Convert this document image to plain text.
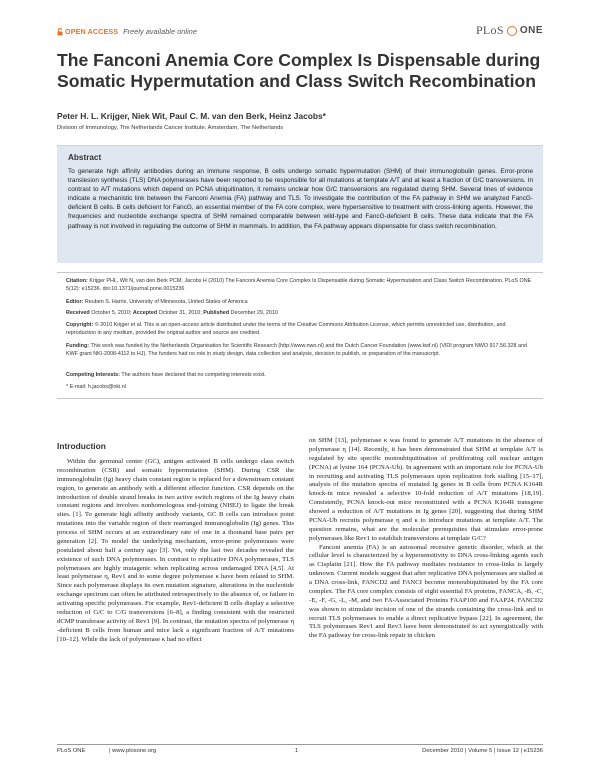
OPEN ACCESS Freely available online	PLoS ONE
The Fanconi Anemia Core Complex Is Dispensable during Somatic Hypermutation and Class Switch Recombination
Peter H. L. Krijger, Niek Wit, Paul C. M. van den Berk, Heinz Jacobs*
Division of Immunology, The Netherlands Cancer Institute, Amsterdam, The Netherlands
Abstract
To generate high affinity antibodies during an immune response, B cells undergo somatic hypermutation (SHM) of their immunoglobulin genes. Error-prone translesion synthesis (TLS) DNA polymerases have been reported to be responsible for all mutations at template A/T and at least a fraction of G/C transversions. In contrast to A/T mutations which depend on PCNA ubiquitination, it remains unclear how G/C transversions are regulated during SHM. Several lines of evidence indicate a mechanistic link between the Fanconi Anemia (FA) pathway and TLS. To investigate the contribution of the FA pathway in SHM we analyzed FancG-deficient B cells. B cells deficient for FancG, an essential member of the FA core complex, were hypersensitive to treatment with cross-linking agents. However, the frequencies and nucleotide exchange spectra of SHM remained comparable between wild-type and FancG-deficient B cells. These data indicate that the FA pathway is not involved in regulating the outcome of SHM in mammals. In addition, the FA pathway appears dispensable for class switch recombination.
Citation: Krijger PHL, Wit N, van den Berk PCM, Jacobs H (2010) The Fanconi Anemia Core Complex Is Dispensable during Somatic Hypermutation and Class Switch Recombination. PLoS ONE 5(12): e15236. doi:10.1371/journal.pone.0015236
Editor: Reuben S. Harris, University of Minnesota, United States of America
Received October 5, 2010; Accepted October 31, 2010; Published December 29, 2010
Copyright: © 2010 Krijger et al. This is an open-access article distributed under the terms of the Creative Commons Attribution License, which permits unrestricted use, distribution, and reproduction in any medium, provided the original author and source are credited.
Funding: This work was funded by the Netherlands Organisation for Scientific Research (http://www.nwo.nl) and the Dutch Cancer Foundation (www.kwf.nl) (VIDI program NWO 917.56.328 and KWF grant NKI-2008-4112 to HJ). The funders had no role in study design, data collection and analysis, decision to publish, or preparation of the manuscript.
Competing Interests: The authors have declared that no competing interests exist.
* E-mail: h.jacobs@nki.nl
Introduction

Within the germinal center (GC), antigen activated B cells undergo class switch recombination (CSR) and somatic hypermutation (SHM). During CSR the immunoglobulin (Ig) heavy chain constant region is replaced for a downstream constant region, to generate an antibody with a different effector function. CSR depends on the introduction of double strand breaks in two active switch regions of the Ig heavy chain constant regions and involves nonhomologous end-joining (NHEJ) to ligate the break sites. [1]. To generate high affinity antibody variants, GC B cells can introduce point mutations into the variable region of their rearranged immunoglobulin (Ig) genes. This process of SHM occurs at an extraordinary rate of one in a thousand base pairs per generation [2]. To model the underlying mechanism, error-prone polymerases were postulated about half a century ago [3]. Yet, only the last two decades revealed the existence of such DNA polymerases. In contrast to replicative DNA polymerases, TLS polymerases are highly mutagenic when replicating across undamaged DNA [4,5]. At least polymerase η, Rev1 and to some degree polymerase κ have been related to SHM. Since each polymerase displays its own mutation signature, alterations in the nucleotide exchange spectrum can often be attributed retrospectively to the absence of, or failure in activating specific polymerases. For example, Rev1-deficient B cells display a selective reduction of G/C to C/G transversions [6–8], a finding consistent with the restricted dCMP transferase activity of Rev1 [9]. In contrast, the mutation spectra of polymerase η -deficient B cells from human and mice lack a significant fraction of A/T mutations [10–12]. While the lack of polymerase κ had no effect

on SHM [13], polymerase κ was found to generate A/T mutations in the absence of polymerase η [14]. Recently, it has been demonstrated that SHM at template A/T is regulated by site specific monoubiquitination of proliferating cell nuclear antigen (PCNA) at lysine 164 (PCNA-Ub). In agreement with an important role for PCNA-Ub in recruiting and activating TLS polymerases upon replication fork stalling [15–17], analysis of the mutation spectra of mutated Ig genes in B cells from PCNA K164R knock-in mice revealed a selective 10-fold reduction of A/T mutations [18,19]. Consistently, PCNA knock-out mice reconstituted with a PCNA K164R transgene showed a reduction of A/T mutations in Ig genes [20], suggesting that during SHM PCNA-Ub recruits polymerase η and κ to introduce mutations at template A/T. The question remains, what are the molecular prerequisites that stimulate error-prone polymerases like Rev1 to establish transversions at template G/C?

Fanconi anemia (FA) is an autosomal recessive genetic disorder, which at the cellular level is characterized by a hypersensitivity to DNA cross-linking agents such as Cisplatin [21]. How the FA pathway mediates resistance to cross-links is largely unknown. Current models suggest that after replicative DNA polymerases are stalled at a DNA cross-link, FANCD2 and FANCI become monoubiquitinated by the FA core complex. The FA core complex consists of eight essential FA proteins, FANCA, -B, -C, -E, -F, -G, -L, -M, and two FA-Associated Proteins FAAP100 and FAAP24. FANCD2 was shown to stimulate incision of one of the strands containing the cross-link and to recruit TLS polymerases to enable a direct replicative bypass [22]. In agreement, the TLS polymerases Rev1 and Rev3 have been demonstrated to act synergistically with the FA pathway for cross-link repair in chicken

PLoS ONE	| www.plosone.org	1	December 2010 | Volume 5 | Issue 12 | e15236
